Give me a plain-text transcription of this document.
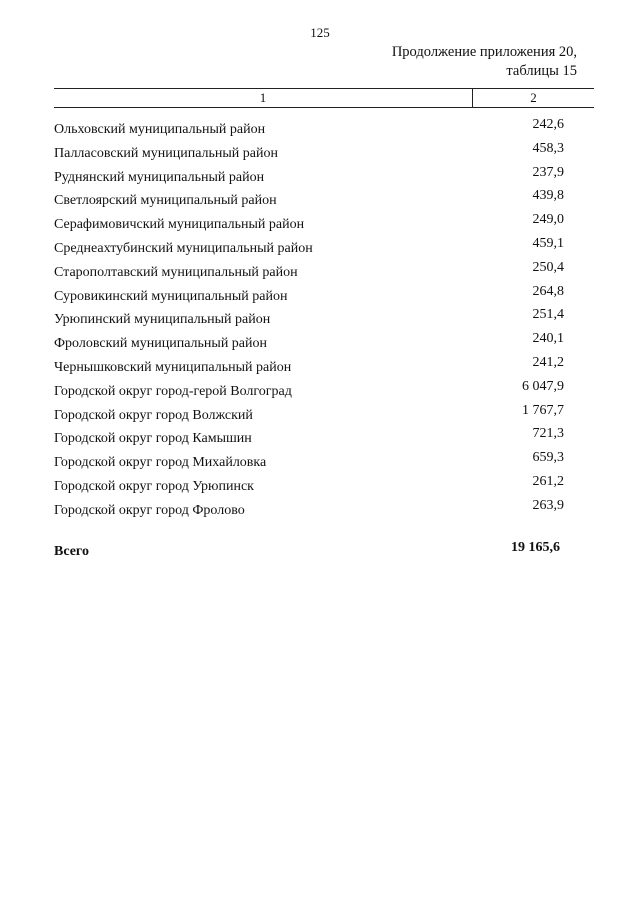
125
Продолжение приложения 20,
таблицы 15
1	2
Ольховский муниципальный район	242,6
Палласовский муниципальный район	458,3
Руднянский муниципальный район	237,9
Светлоярский муниципальный район	439,8
Серафимовичский муниципальный район	249,0
Среднеахтубинский муниципальный район	459,1
Старополтавский муниципальный район	250,4
Суровикинский муниципальный район	264,8
Урюпинский муниципальный район	251,4
Фроловский муниципальный район	240,1
Чернышковский муниципальный район	241,2
Городской округ город-герой Волгоград	6 047,9
Городской округ город Волжский	1 767,7
Городской округ город Камышин	721,3
Городской округ город Михайловка	659,3
Городской округ город Урюпинск	261,2
Городской округ город Фролово	263,9
Всего	19 165,6
